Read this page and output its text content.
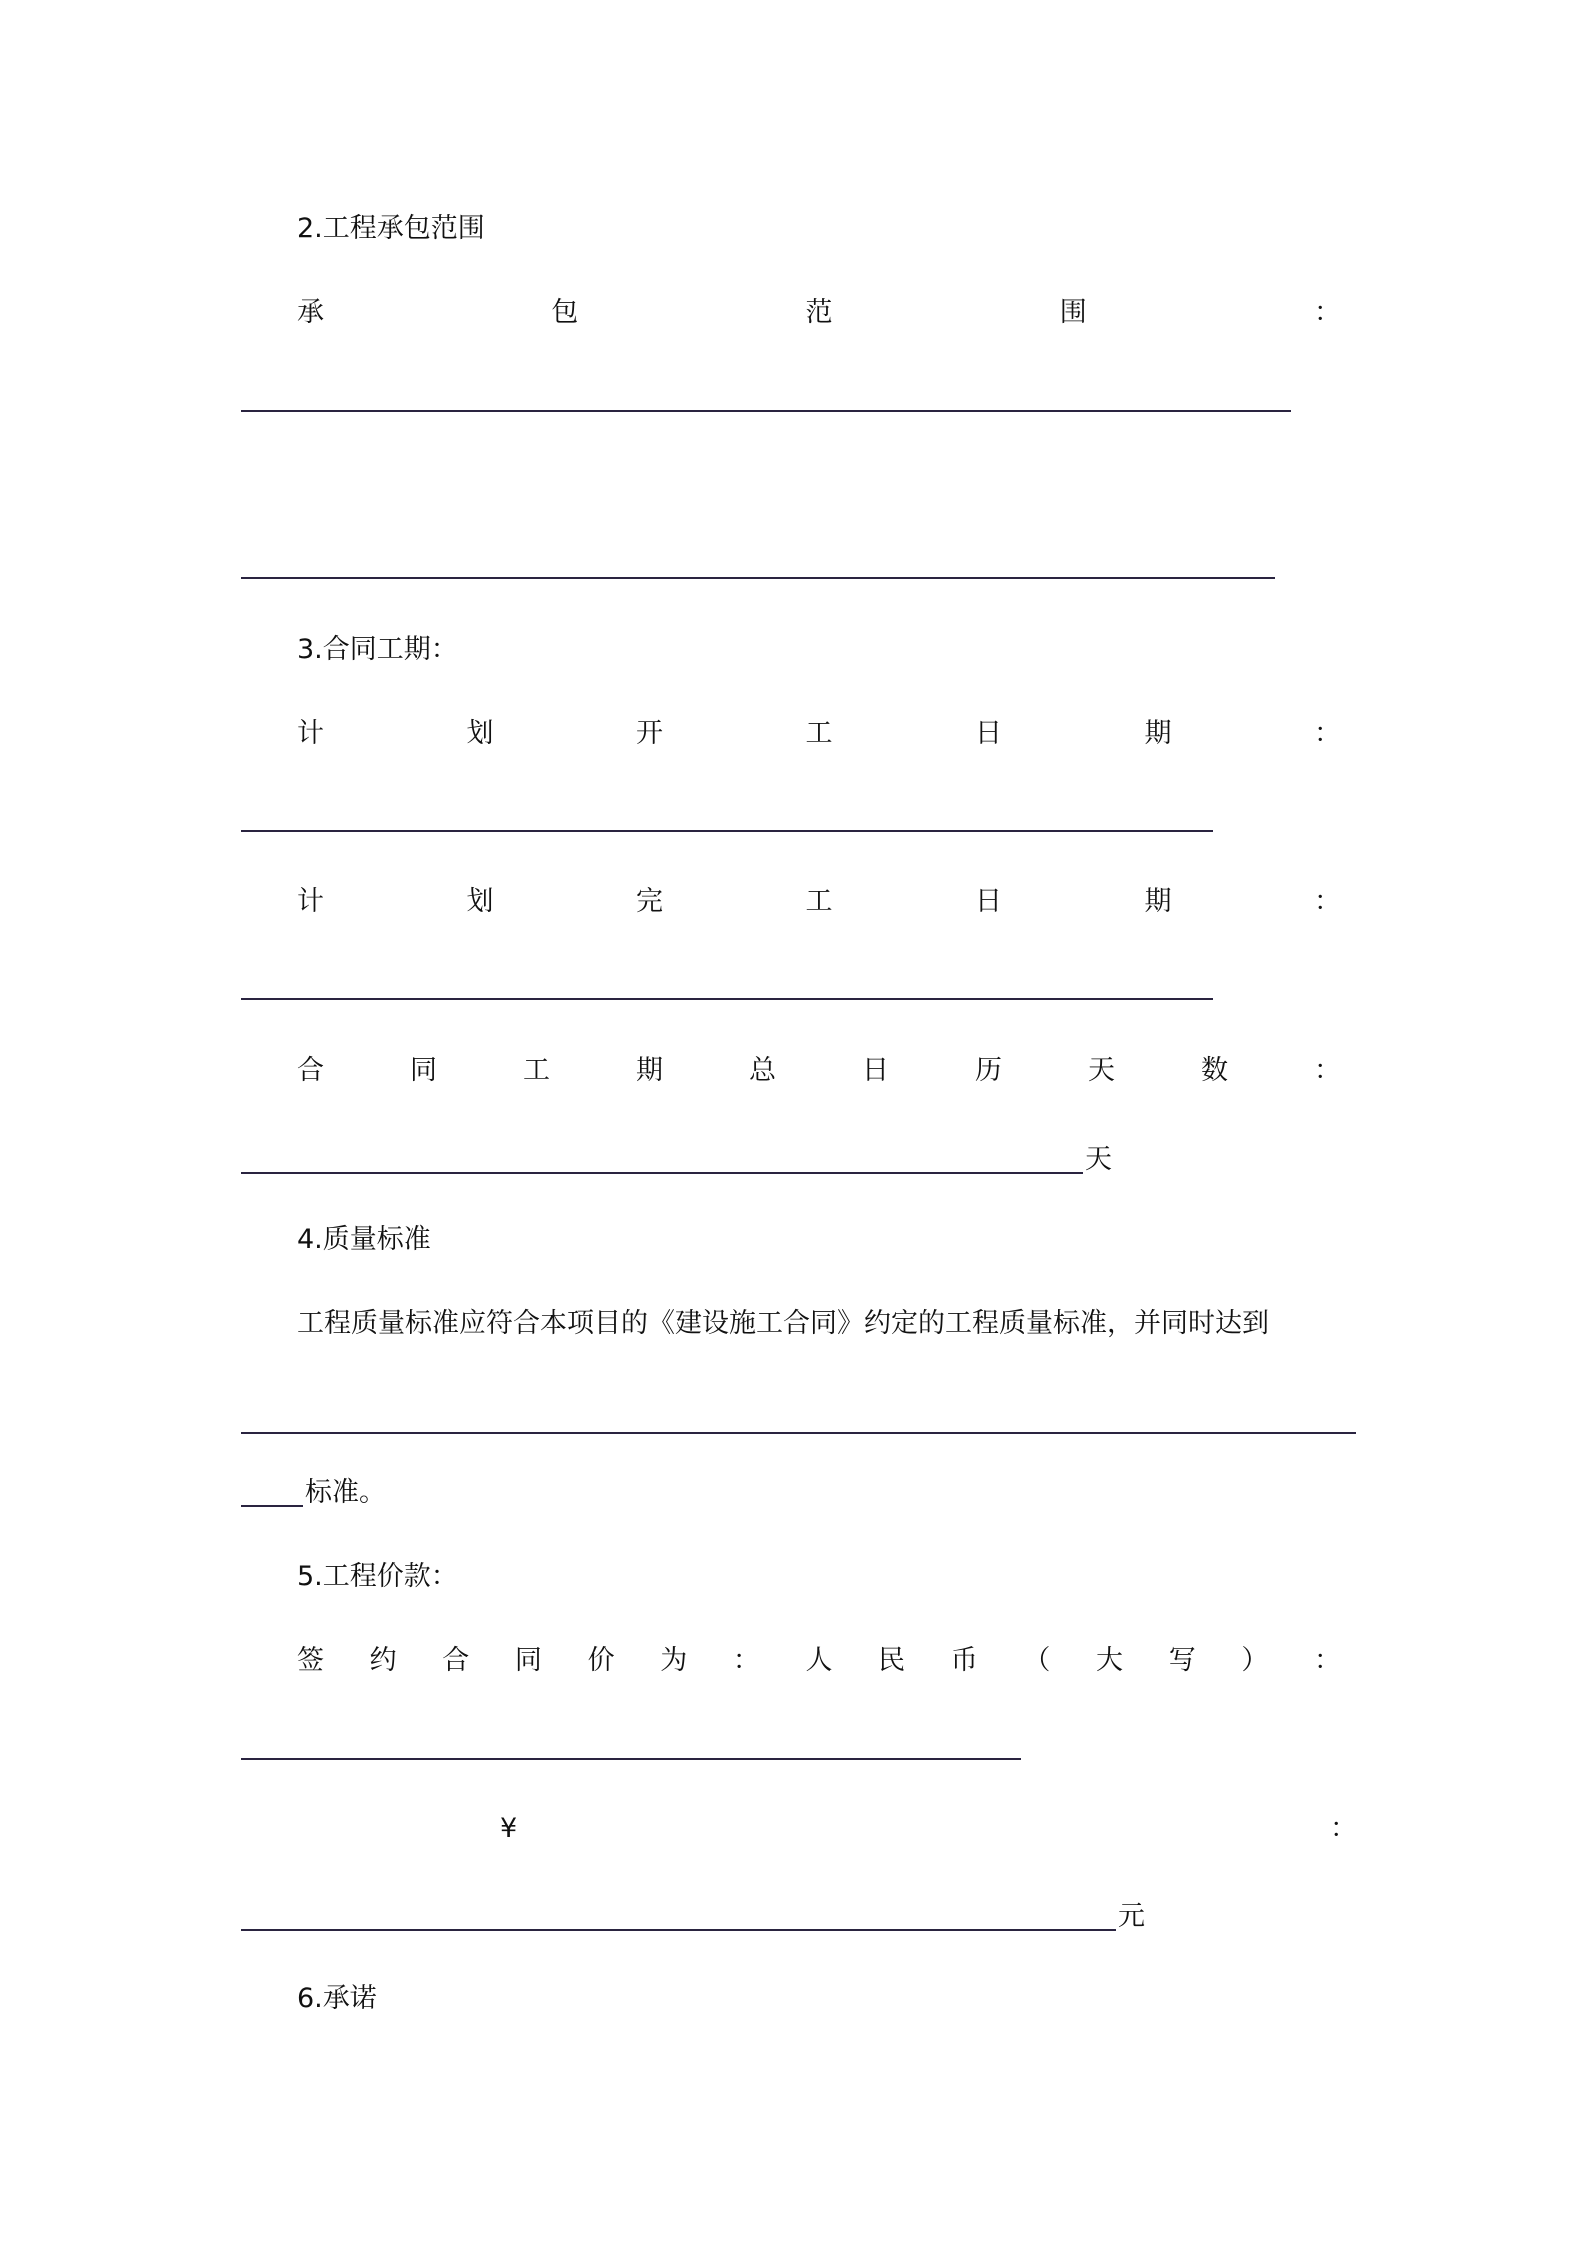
2.工程承包范围
承	包	范	围	：
3.合同工期：
计	划	开	工	日	期	：
计	划	完	工	日	期	：
合	同	工	期	总	日	历	天	数	：
天
4.质量标准
工程质量标准应符合本项目的《建设施工合同》约定的工程质量标准，并同时达到
标准。
5.工程价款：
签 约 合 同 价 为 ： 人 民 币 （ 大 写 ） ：
¥	：
元
6.承诺
